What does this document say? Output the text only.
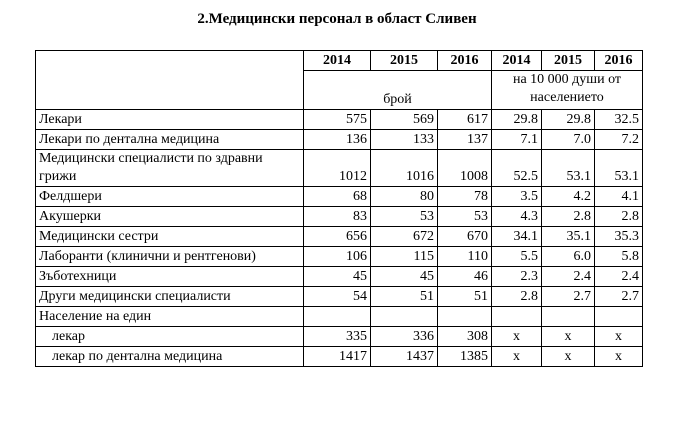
2.Медицински персонал в област Сливен
	2014	2015	2016	2014	2015	2016
	брой			на 10 000 души от населението		
Лекари	575	569	617	29.8	29.8	32.5
Лекари по дентална медицина	136	133	137	7.1	7.0	7.2
Медицински специалисти по здравни грижи	1012	1016	1008	52.5	53.1	53.1
Фелдшери	68	80	78	3.5	4.2	4.1
Акушерки	83	53	53	4.3	2.8	2.8
Медицински сестри	656	672	670	34.1	35.1	35.3
Лаборанти (клинични и рентгенови)	106	115	110	5.5	6.0	5.8
Зъботехници	45	45	46	2.3	2.4	2.4
Други медицински специалисти	54	51	51	2.8	2.7	2.7
Население на един						
лекар	335	336	308	x	x	x
лекар по дентална медицина	1417	1437	1385	x	x	x
